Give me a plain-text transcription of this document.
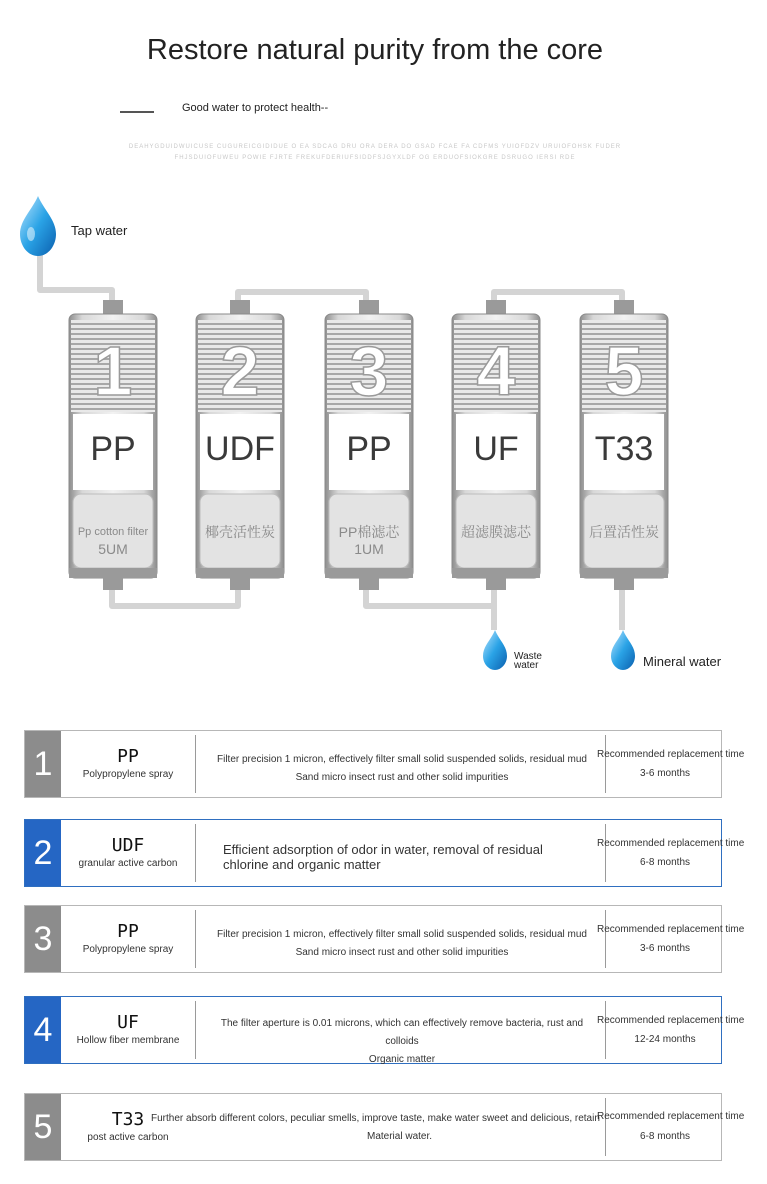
Restore natural purity from the core
Good water to protect health--
DEAHYGDUIDWUICUSE CUGUREICGIDIDUE O EA SDCAG DRU ORA DERA DO GSAD FCAE FA CDFMS YUIOFDZV URUIOFOHSK FUDER
FHJSDUIOFUWEU POWIE FJRTE FREKUFDERIUFSIDDFSJGYXLDF OG ERDUOFSIOKGRE DSRUGO IERSI RDE
1 2 3 4 5
Tap water
Waste
water	Mineral water
PP	UDF	PP	UF	T33
Pp cotton filter
5UM
椰壳活性炭	PP棉滤芯
1UM
超滤膜滤芯	后置活性炭
1	PP
Polypropylene spray
Filter precision 1 micron, effectively filter small solid suspended solids, residual mud
Sand micro insect rust and other solid impurities
Recommended replacement time
3-6 months
2	UDF
granular active carbon
Efficient adsorption of odor in water, removal of residual
chlorine and organic matter
Recommended replacement time
6-8 months
3	PP
Polypropylene spray
Filter precision 1 micron, effectively filter small solid suspended solids, residual mud
Sand micro insect rust and other solid impurities
Recommended replacement time
3-6 months
4	UF
Hollow fiber membrane
The filter aperture is 0.01 microns, which can effectively remove bacteria, rust and colloids
Organic matter
Recommended replacement time
12-24 months
5	T33
post active carbon
Further absorb different colors, peculiar smells, improve taste, make water sweet and delicious, retain
Material water.
Recommended replacement time
6-8 months
